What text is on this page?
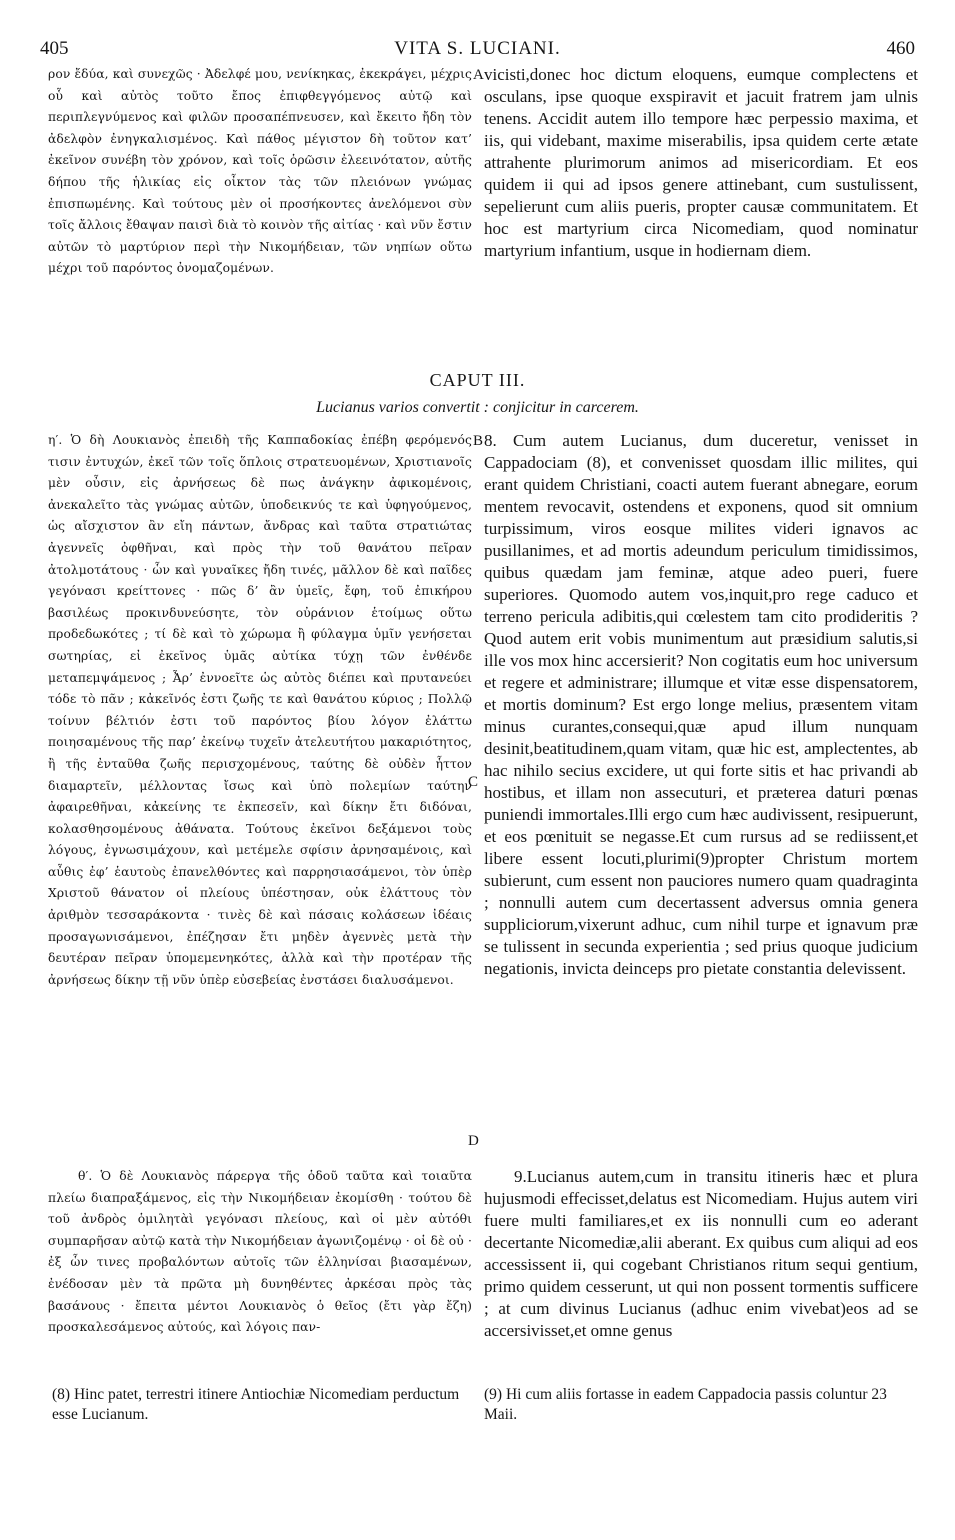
405	VITA S. LUCIANI.	460

ρον ἔδύα, καὶ συνεχῶς · Ἀδελφέ μου, νενίκηκας, ἐκεκράγει, μέχρις οὗ καὶ αὐτὸς τοῦτο ἔπος ἐπιφθεγγόμενος αὐτῷ καὶ περιπλεγνύμενος καὶ φιλῶν προσαπέπνευσεν, καὶ ἔκειτο ἤδη τὸν ἀδελφὸν ἐνηγκαλισμένος. Καὶ πάθος μέγιστον δὴ τοῦτον κατ’ ἐκεῖνον συνέβη τὸν χρόνον, καὶ τοῖς ὁρῶσιν ἐλεεινότατον, αὐτῆς δήπου τῆς ἡλικίας εἰς οἶκτον τὰς τῶν πλειόνων γνώμας ἐπισπωμένης. Καὶ τούτους μὲν οἱ προσήκοντες ἀνελόμενοι σὺν τοῖς ἄλλοις ἔθαψαν παισὶ διὰ τὸ κοινὸν τῆς αἰτίας · καὶ νῦν ἔστιν αὐτῶν τὸ μαρτύριον περὶ τὴν Νικομήδειαν, τῶν νηπίων οὕτω μέχρι τοῦ παρόντος ὀνομαζομένων.

A vicisti,donec hoc dictum eloquens, eumque complectens et osculans, ipse quoque exspiravit et jacuit fratrem jam ulnis tenens. Accidit autem illo tempore hæc perpessio maxima, et iis, qui videbant, maxime miserabilis, ipsa quidem certe ætate attrahente plurimorum animos ad misericordiam. Et eos quidem ii qui ad ipsos genere attinebant, cum sustulissent, sepelierunt cum aliis pueris, propter causæ communitatem. Et hoc est martyrium circa Nicomediam, quod nominatur martyrium infantium, usque in hodiernam diem.

CAPUT III.
Lucianus varios convertit : conjicitur in carcerem.

η′. Ὁ δὴ Λουκιανὸς ἐπειδὴ τῆς Καππαδοκίας ἐπέβη φερόμενός τισιν ἐντυχών, ἐκεῖ τῶν τοῖς ὅπλοις στρατευομένων, Χριστιανοῖς μὲν οὖσιν, εἰς ἀρνήσεως δὲ πως ἀνάγκην ἀφικομένοις, ἀνεκαλεῖτο τὰς γνώμας αὐτῶν, ὑποδεικνύς τε καὶ ὑφηγούμενος, ὡς αἴσχιστον ἂν εἴη πάντων, ἄνδρας καὶ ταῦτα στρατιώτας ἀγεννεῖς ὀφθῆναι, καὶ πρὸς τὴν τοῦ θανάτου πεῖραν ἀτολμοτάτους · ὧν καὶ γυναῖκες ἤδη τινές, μᾶλλον δὲ καὶ παῖδες γεγόνασι κρείττονες · πῶς δ’ ἂν ὑμεῖς, ἔφη, τοῦ ἐπικήρου βασιλέως προκινδυνεύσητε, τὸν οὐράνιον ἑτοίμως οὕτω προδεδωκότες ; τί δὲ καὶ τὸ χώρωμα ἢ φύλαγμα ὑμῖν γενήσεται σωτηρίας, εἰ ἐκεῖνος ὑμᾶς αὐτίκα τύχῃ τῶν ἐνθένδε μεταπεμψάμενος ; Ἆρ’ ἐννοεῖτε ὡς αὐτὸς διέπει καὶ πρυτανεύει τόδε τὸ πᾶν ; κἀκεῖνός ἐστι ζωῆς τε καὶ θανάτου κύριος ; Πολλῷ τοίνυν βέλτιόν ἐστι τοῦ παρόντος βίου λόγον ἐλάττω ποιησαμένους τῆς παρ’ ἐκείνῳ τυχεῖν ἀτελευτήτου μακαριότητος, ἢ τῆς ἐνταῦθα ζωῆς περισχομένους, ταύτης δὲ οὐδὲν ἧττον διαμαρτεῖν, μέλλοντας ἴσως καὶ ὑπὸ πολεμίων ταύτην ἀφαιρεθῆναι, κἀκείνης τε ἐκπεσεῖν, καὶ δίκην ἔτι διδόναι, κολασθησομένους ἀθάνατα. Τούτους ἐκεῖνοι δεξάμενοι τοὺς λόγους, ἐγνωσιμάχουν, καὶ μετέμελε σφίσιν ἀρνησαμένοις, καὶ αὖθις ἐφ’ ἑαυτοὺς ἐπανελθόντες καὶ παρρησιασάμενοι, τὸν ὑπὲρ Χριστοῦ θάνατον οἱ πλείους ὑπέστησαν, οὐκ ἐλάττους τὸν ἀριθμὸν τεσσαράκοντα · τινὲς δὲ καὶ πάσαις κολάσεων ἰδέαις προσαγωνισάμενοι, ἐπέζησαν ἔτι μηδὲν ἀγεννὲς μετὰ τὴν δευτέραν πεῖραν ὑπομεμενηκότες, ἀλλὰ καὶ τὴν προτέραν τῆς ἀρνήσεως δίκην τῇ νῦν ὑπὲρ εὐσεβείας ἐνστάσει διαλυσάμενοι.

B
C
D

8. Cum autem Lucianus, dum duceretur, venisset in Cappadociam (8), et convenisset quosdam illic milites, qui erant quidem Christiani, coacti autem fuerant abnegare, eorum mentem revocavit, ostendens et exponens, quod sit omnium turpissimum, viros eosque milites videri ignavos ac pusillanimes, et ad mortis adeundum periculum timidissimos, quibus quædam jam feminæ, atque adeo pueri, fuere superiores. Quomodo autem vos,inquit,pro rege caduco et terreno pericula adibitis,qui cœlestem tam cito prodideritis ? Quod autem erit vobis munimentum aut præsidium salutis,si ille vos mox hinc accersierit? Non cogitatis eum hoc universum et regere et administrare; illumque et vitæ esse dispensatorem, et mortis dominum? Est ergo longe melius, præsentem vitam minus curantes,consequi,quæ apud illum nunquam desinit,beatitudinem,quam vitam, quæ hic est, amplectentes, ab hac nihilo secius excidere, ut qui forte sitis et hac privandi ab hostibus, et illam non assecuturi, et præterea daturi pœnas puniendi immortales.Illi ergo cum hæc audivissent, resipuerunt, et eos pœnituit se negasse.Et cum rursus ad se rediissent,et libere essent locuti,plurimi(9)propter Christum mortem subierunt, cum essent non pauciores numero quam quadraginta ; nonnulli autem cum decertassent adversus omnia genera suppliciorum,vixerunt adhuc, cum nihil turpe et ignavum præ se tulissent in secunda experientia ; sed prius quoque judicium negationis, invicta deinceps pro pietate constantia delevissent.

θ′. Ὁ δὲ Λουκιανὸς πάρεργα τῆς ὁδοῦ ταῦτα καὶ τοιαῦτα πλείω διαπραξάμενος, εἰς τὴν Νικομήδειαν ἐκομίσθη · τούτου δὲ τοῦ ἀνδρὸς ὁμιλητὰὶ γεγόνασι πλείους, καὶ οἱ μὲν αὐτόθι συμπαρῆσαν αὐτῷ κατὰ τὴν Νικομήδειαν ἀγωνιζομένῳ · οἱ δὲ οὐ · ἐξ ὧν τινες προβαλόντων αὐτοῖς τῶν ἑλληνίσαι βιασαμένων, ἐνέδοσαν μὲν τὰ πρῶτα μὴ δυνηθέντες ἀρκέσαι πρὸς τὰς βασάνους · ἔπειτα μέντοι Λουκιανὸς ὁ θεῖος (ἔτι γὰρ ἔζη) προσκαλεσάμενος αὐτούς, καὶ λόγοις παν-

9.Lucianus autem,cum in transitu itineris hæc et plura hujusmodi effecisset,delatus est Nicomediam. Hujus autem viri fuere multi familiares,et ex iis nonnulli cum eo aderant decertante Nicomediæ,alii aberant. Ex quibus cum aliqui ad eos accessissent ii, qui cogebant Christianos ritum sequi gentium, primo quidem cesserunt, ut qui non possent tormentis sufficere ; at cum divinus Lucianus (adhuc enim vivebat)eos ad se accersivisset,et omne genus

(8) Hinc patet, terrestri itinere Antiochiæ Nicomediam perductum esse Lucianum.
(9) Hi cum aliis fortasse in eadem Cappadocia passis coluntur 23 Maii.
